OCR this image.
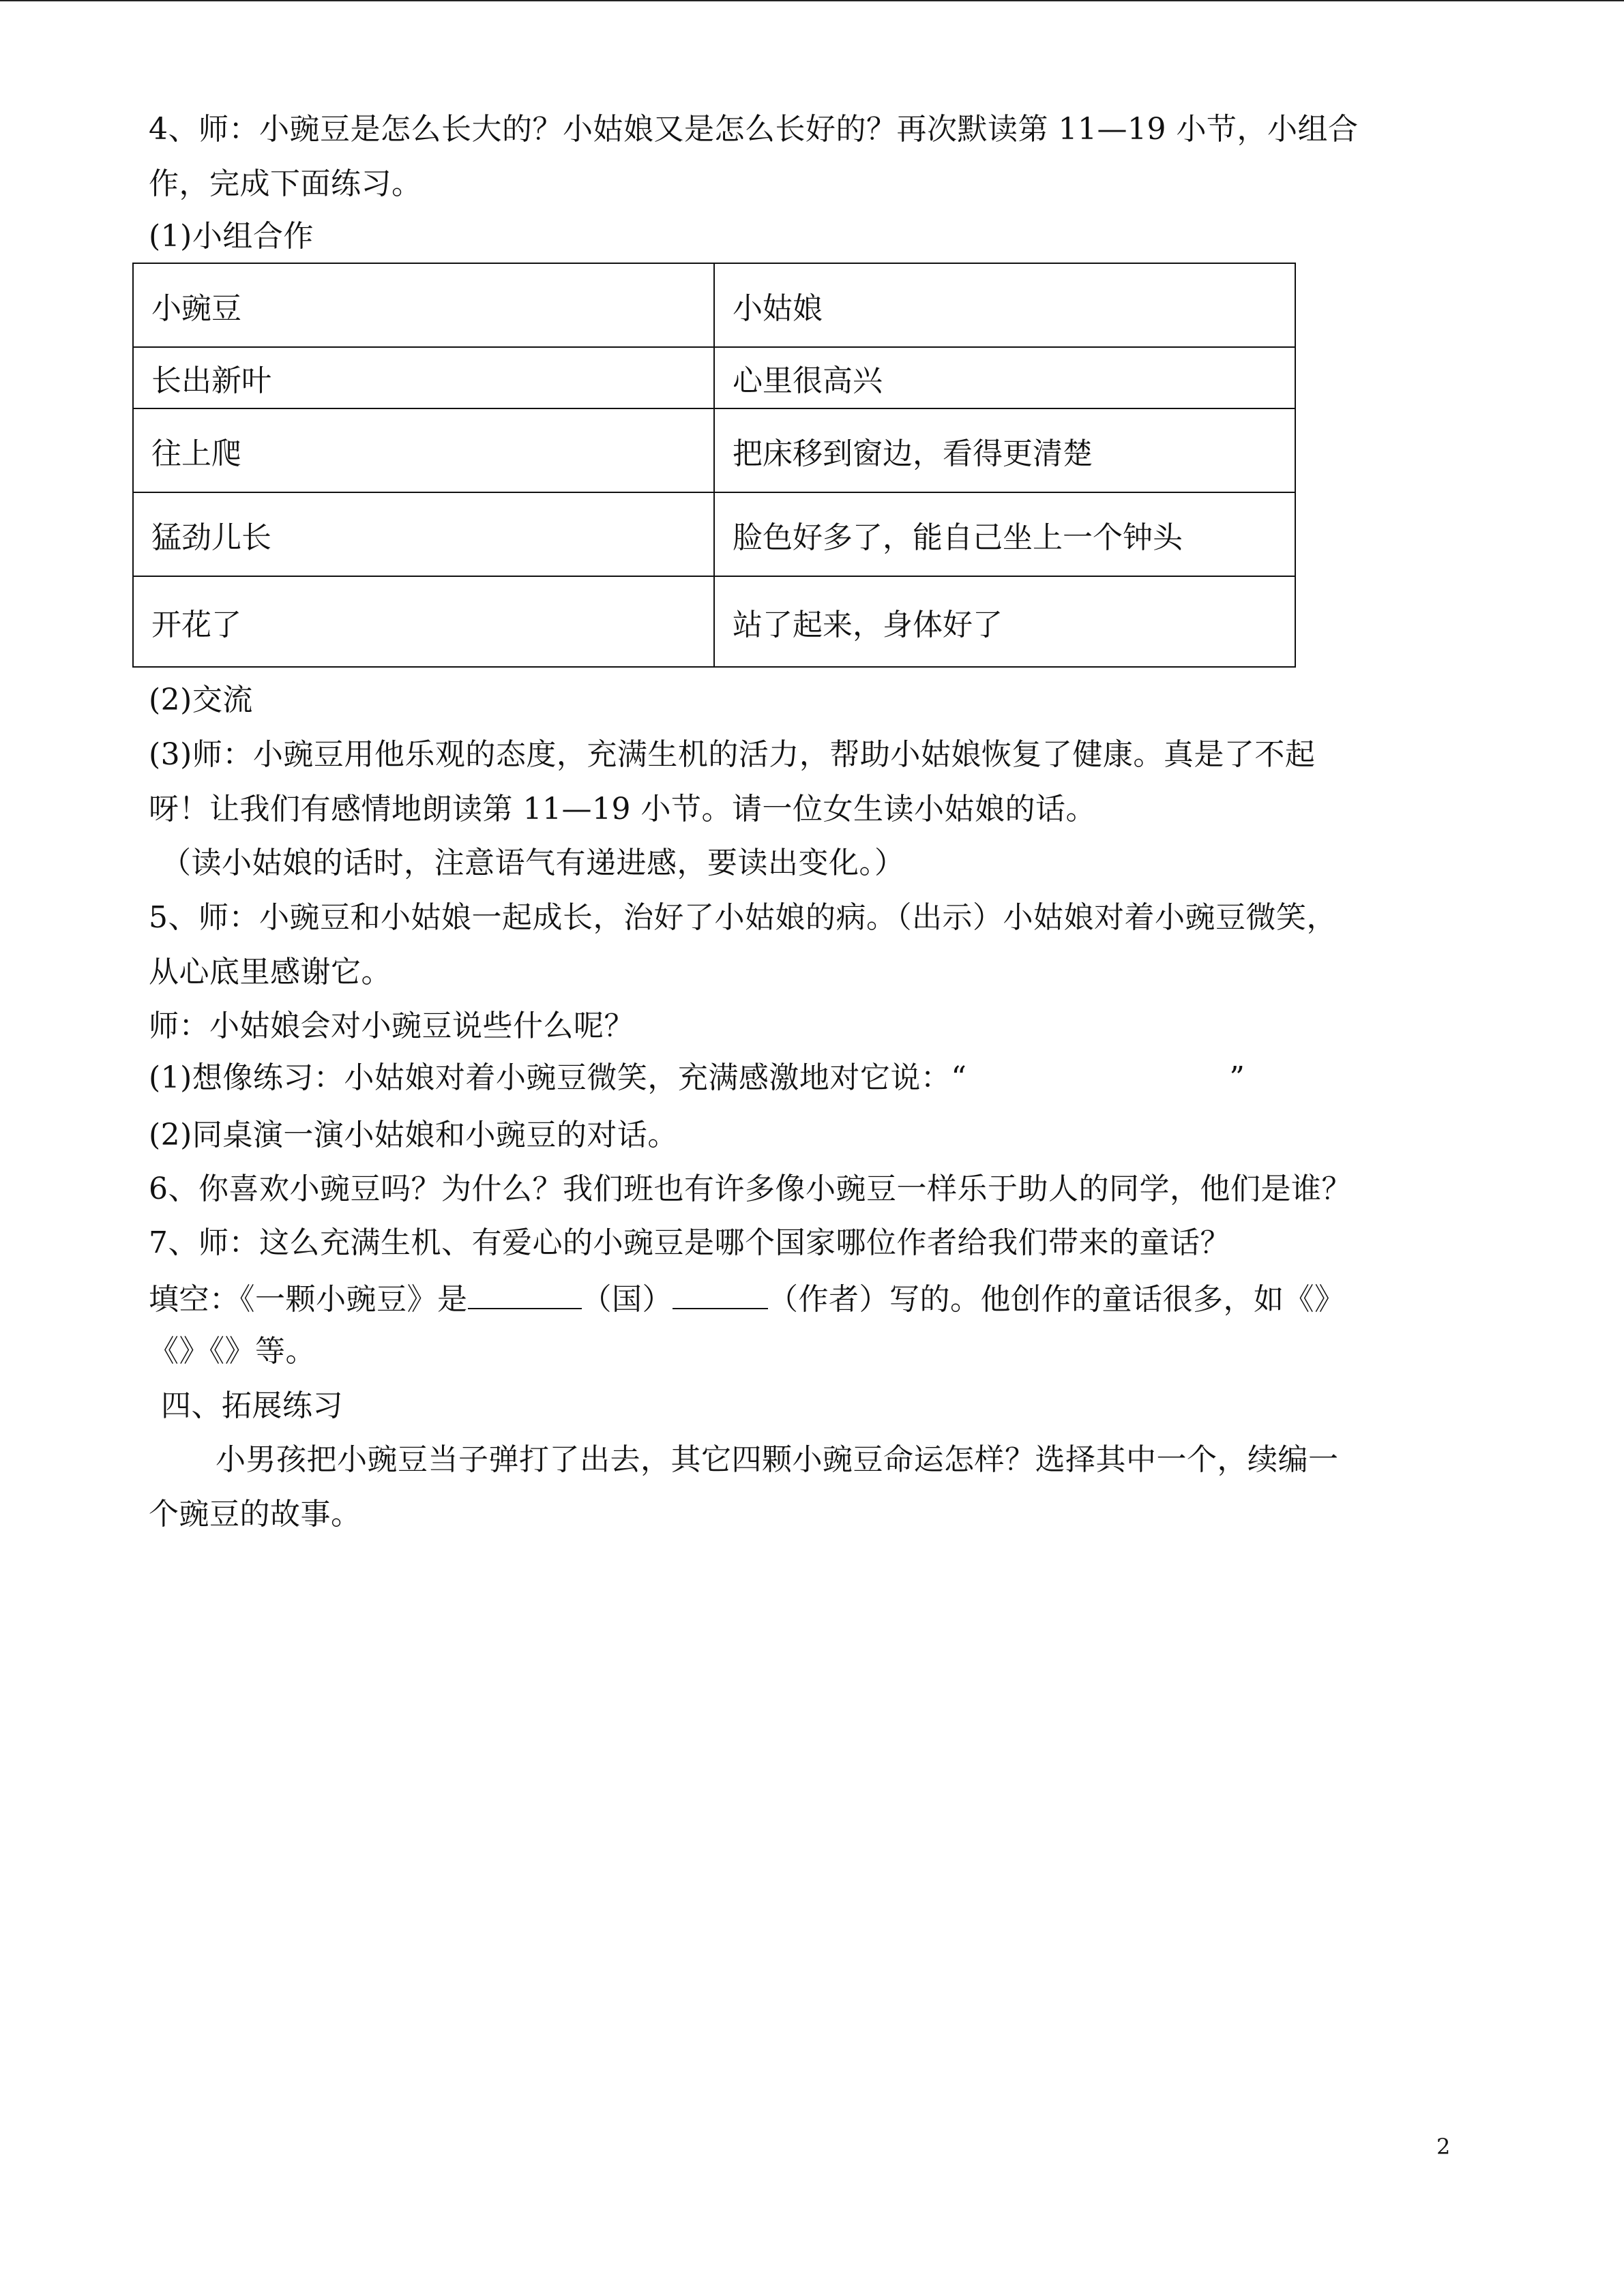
4、师：小豌豆是怎么长大的？小姑娘又是怎么长好的？再次默读第 11—19 小节，小组合
作，完成下面练习。
(1)小组合作
小豌豆	小姑娘
长出新叶	心里很高兴
往上爬	把床移到窗边，看得更清楚
猛劲儿长	脸色好多了，能自己坐上一个钟头
开花了	站了起来，身体好了
(2)交流
(3)师：小豌豆用他乐观的态度，充满生机的活力，帮助小姑娘恢复了健康。真是了不起
呀！让我们有感情地朗读第 11—19 小节。请一位女生读小姑娘的话。
（读小姑娘的话时，注意语气有递进感，要读出变化。）
5、师：小豌豆和小姑娘一起成长，治好了小姑娘的病。（出示）小姑娘对着小豌豆微笑，
从心底里感谢它。
师：小姑娘会对小豌豆说些什么呢？
(1)想像练习：小姑娘对着小豌豆微笑，充满感激地对它说：“	”
(2)同桌演一演小姑娘和小豌豆的对话。
6、你喜欢小豌豆吗？为什么？我们班也有许多像小豌豆一样乐于助人的同学，他们是谁？
7、师：这么充满生机、有爱心的小豌豆是哪个国家哪位作者给我们带来的童话？
填空：《一颗小豌豆》是	（国）	（作者）写的。他创作的童话很多，如《》
《》《》等。
四、拓展练习
小男孩把小豌豆当子弹打了出去，其它四颗小豌豆命运怎样？选择其中一个，续编一
个豌豆的故事。
2
